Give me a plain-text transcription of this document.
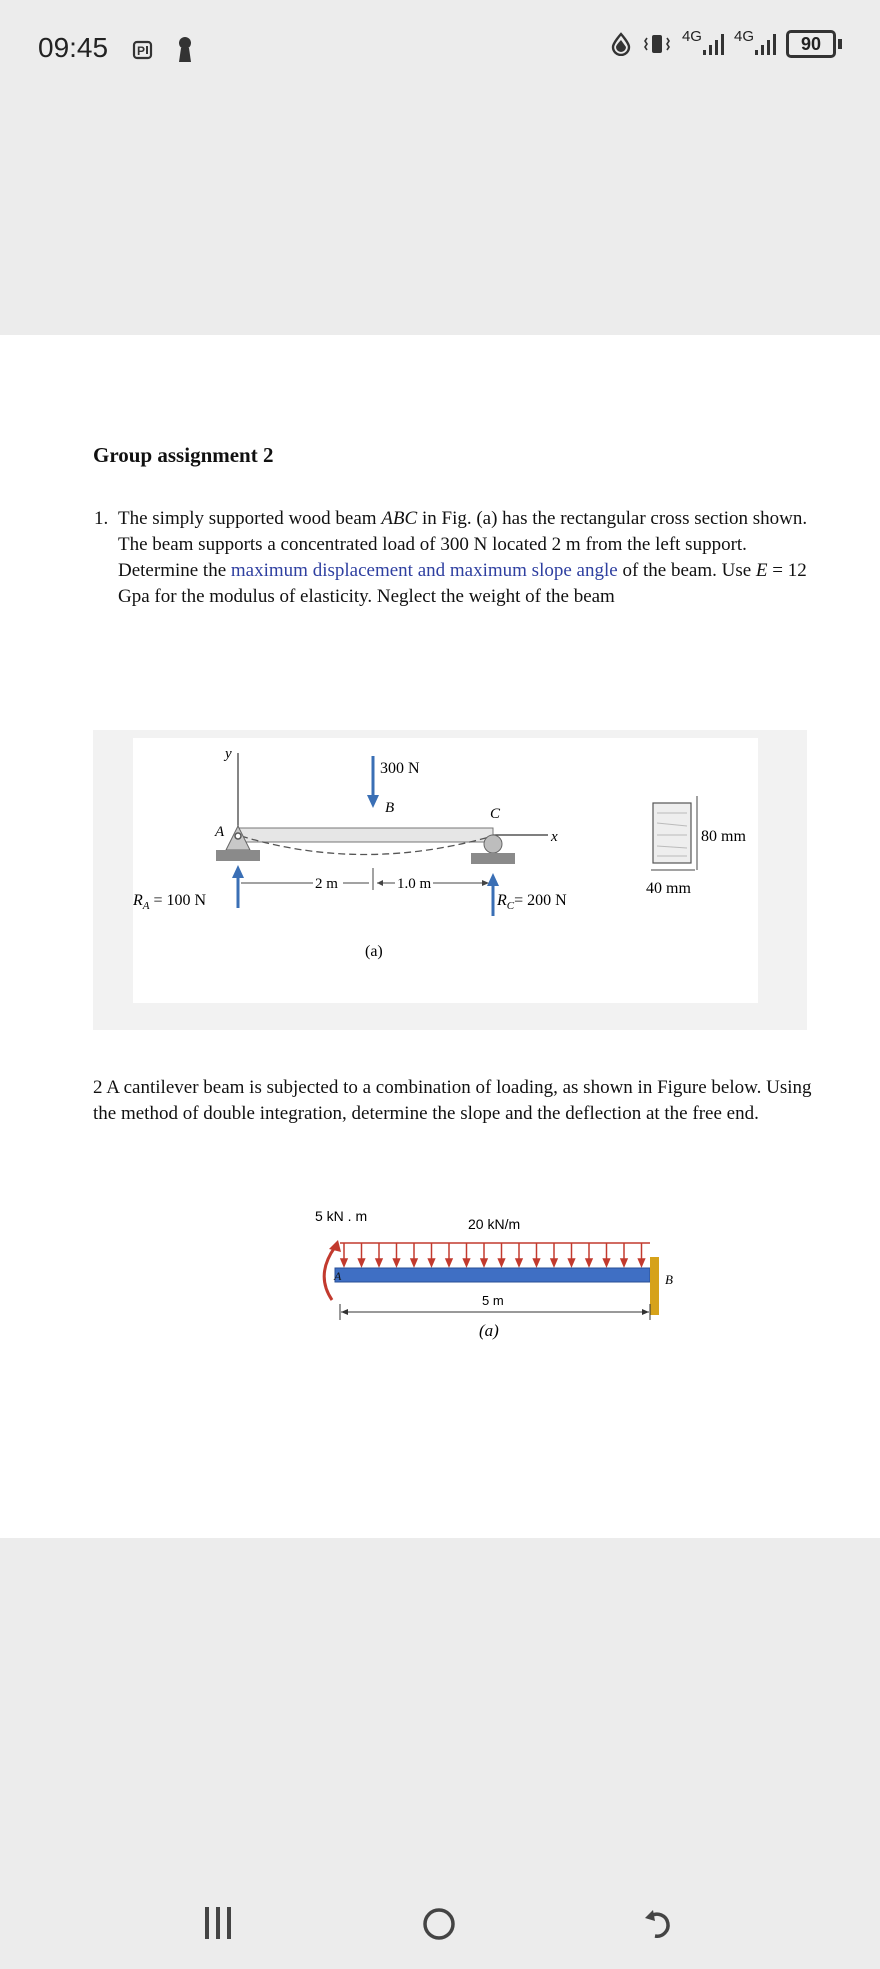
09:45 P
4G 4G	90
Group assignment 2
1. The simply supported wood beam ABC in Fig. (a) has the rectangular cross section shown. The beam supports a concentrated load of 300 N located 2 m from the left support.
Determine the maximum displacement and maximum slope angle of the beam. Use E = 12 Gpa for the modulus of elasticity. Neglect the weight of the beam
y
x
A
C
300 N
B
$R_A = 100$ N	$R_C= 200$ N
2 m	1.0 m
80 mm
40 mm
(a)
2 A cantilever beam is subjected to a combination of loading, as shown in Figure below. Using the method of double integration, determine the slope and the deflection at the free end.
5 kN . m	20 kN/m
A	B
5 m
(a)
